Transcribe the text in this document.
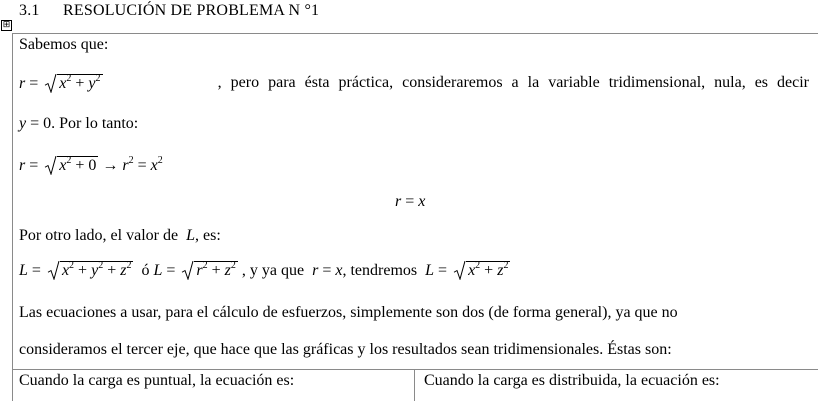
3.1 RESOLUCIÓN DE PROBLEMA N °1
⊞
Sabemos que:
r =	$x^2 + y^2$	, pero para ésta práctica, consideraremos a la variable tridimensional, nula, es decir
y = 0. Por lo tanto:
r =
$x^2 + 0 \to r^2 = x^2$
r = x
Por otro lado, el valor de L, es:
L =
$x^2 + y^2 + z^2$ ó L =
$r^2 + z^2$ , y ya que r = x, tendremos L =
$x^2 + z^2$
Las ecuaciones a usar, para el cálculo de esfuerzos, simplemente son dos (de forma general), ya que no
consideramos el tercer eje, que hace que las gráficas y los resultados sean tridimensionales. Éstas son:
Cuando la carga es puntual, la ecuación es:	Cuando la carga es distribuida, la ecuación es:
